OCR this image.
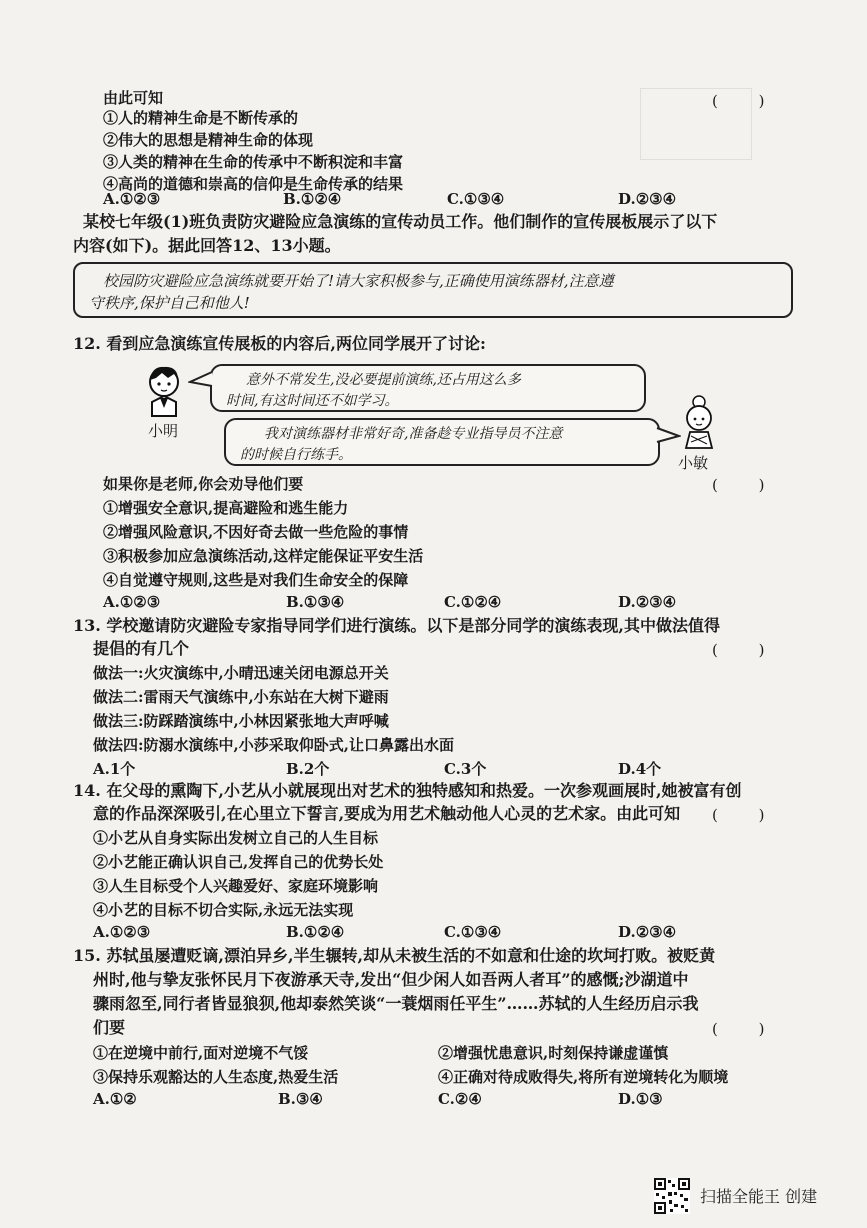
由此可知	( )
①人的精神生命是不断传承的
②伟大的思想是精神生命的体现
③人类的精神在生命的传承中不断积淀和丰富
④高尚的道德和崇高的信仰是生命传承的结果
A.①②③	B.①②④	C.①③④	D.②③④
某校七年级(1)班负责防灾避险应急演练的宣传动员工作。他们制作的宣传展板展示了以下
内容(如下)。据此回答12、13小题。
校园防灾避险应急演练就要开始了!请大家积极参与,正确使用演练器材,注意遵
守秩序,保护自己和他人!
12. 看到应急演练宣传展板的内容后,两位同学展开了讨论:
小明
意外不常发生,没必要提前演练,还占用这么多
时间,有这时间还不如学习。
我对演练器材非常好奇,准备趁专业指导员不注意
的时候自行练手。	小敏
如果你是老师,你会劝导他们要	( )
①增强安全意识,提高避险和逃生能力
②增强风险意识,不因好奇去做一些危险的事情
③积极参加应急演练活动,这样定能保证平安生活
④自觉遵守规则,这些是对我们生命安全的保障
A.①②③	B.①③④	C.①②④	D.②③④
13. 学校邀请防灾避险专家指导同学们进行演练。以下是部分同学的演练表现,其中做法值得
提倡的有几个	( )
做法一:火灾演练中,小晴迅速关闭电源总开关
做法二:雷雨天气演练中,小东站在大树下避雨
做法三:防踩踏演练中,小林因紧张地大声呼喊
做法四:防溺水演练中,小莎采取仰卧式,让口鼻露出水面
A.1个	B.2个	C.3个	D.4个
14. 在父母的熏陶下,小艺从小就展现出对艺术的独特感知和热爱。一次参观画展时,她被富有创
意的作品深深吸引,在心里立下誓言,要成为用艺术触动他人心灵的艺术家。由此可知 ( )
①小艺从自身实际出发树立自己的人生目标
②小艺能正确认识自己,发挥自己的优势长处
③人生目标受个人兴趣爱好、家庭环境影响
④小艺的目标不切合实际,永远无法实现
A.①②③	B.①②④	C.①③④	D.②③④
15. 苏轼虽屡遭贬谪,漂泊异乡,半生辗转,却从未被生活的不如意和仕途的坎坷打败。被贬黄
州时,他与挚友张怀民月下夜游承天寺,发出“但少闲人如吾两人者耳”的感慨;沙湖道中
骤雨忽至,同行者皆显狼狈,他却泰然笑谈“一蓑烟雨任平生”……苏轼的人生经历启示我
们要	( )
①在逆境中前行,面对逆境不气馁	②增强忧患意识,时刻保持谦虚谨慎
③保持乐观豁达的人生态度,热爱生活	④正确对待成败得失,将所有逆境转化为顺境
A.①②	B.③④	C.②④	D.①③
扫描全能王 创建
